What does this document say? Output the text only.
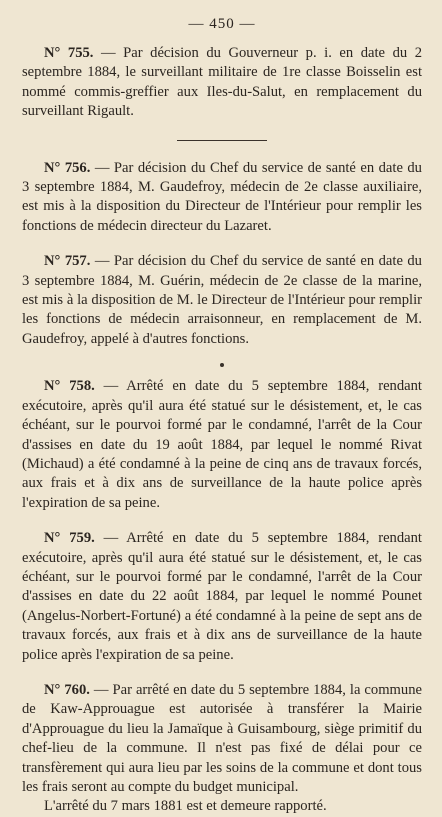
— 450 —

N° 755. — Par décision du Gouverneur p. i. en date du 2 septembre 1884, le surveillant militaire de 1re classe Boisselin est nommé commis-greffier aux Iles-du-Salut, en remplacement du surveillant Rigault.

N° 756. — Par décision du Chef du service de santé en date du 3 septembre 1884, M. Gaudefroy, médecin de 2e classe auxiliaire, est mis à la disposition du Directeur de l'Intérieur pour remplir les fonctions de médecin directeur du Lazaret.

N° 757. — Par décision du Chef du service de santé en date du 3 septembre 1884, M. Guérin, médecin de 2e classe de la marine, est mis à la disposition de M. le Directeur de l'Intérieur pour remplir les fonctions de médecin arraisonneur, en remplacement de M. Gaudefroy, appelé à d'autres fonctions.

N° 758. — Arrêté en date du 5 septembre 1884, rendant exécutoire, après qu'il aura été statué sur le désistement, et, le cas échéant, sur le pourvoi formé par le condamné, l'arrêt de la Cour d'assises en date du 19 août 1884, par lequel le nommé Rivat (Michaud) a été condamné à la peine de cinq ans de travaux forcés, aux frais et à dix ans de surveillance de la haute police après l'expiration de sa peine.

N° 759. — Arrêté en date du 5 septembre 1884, rendant exécutoire, après qu'il aura été statué sur le désistement, et, le cas échéant, sur le pourvoi formé par le condamné, l'arrêt de la Cour d'assises en date du 22 août 1884, par lequel le nommé Pounet (Angelus-Norbert-Fortuné) a été condamné à la peine de sept ans de travaux forcés, aux frais et à dix ans de surveillance de la haute police après l'expiration de sa peine.

N° 760. — Par arrêté en date du 5 septembre 1884, la commune de Kaw-Approuague est autorisée à transférer la Mairie d'Approuague du lieu la Jamaïque à Guisambourg, siège primitif du chef-lieu de la commune. Il n'est pas fixé de délai pour ce transfèrement qui aura lieu par les soins de la commune et dont tous les frais seront au compte du budget municipal.

L'arrêté du 7 mars 1881 est et demeure rapporté.
